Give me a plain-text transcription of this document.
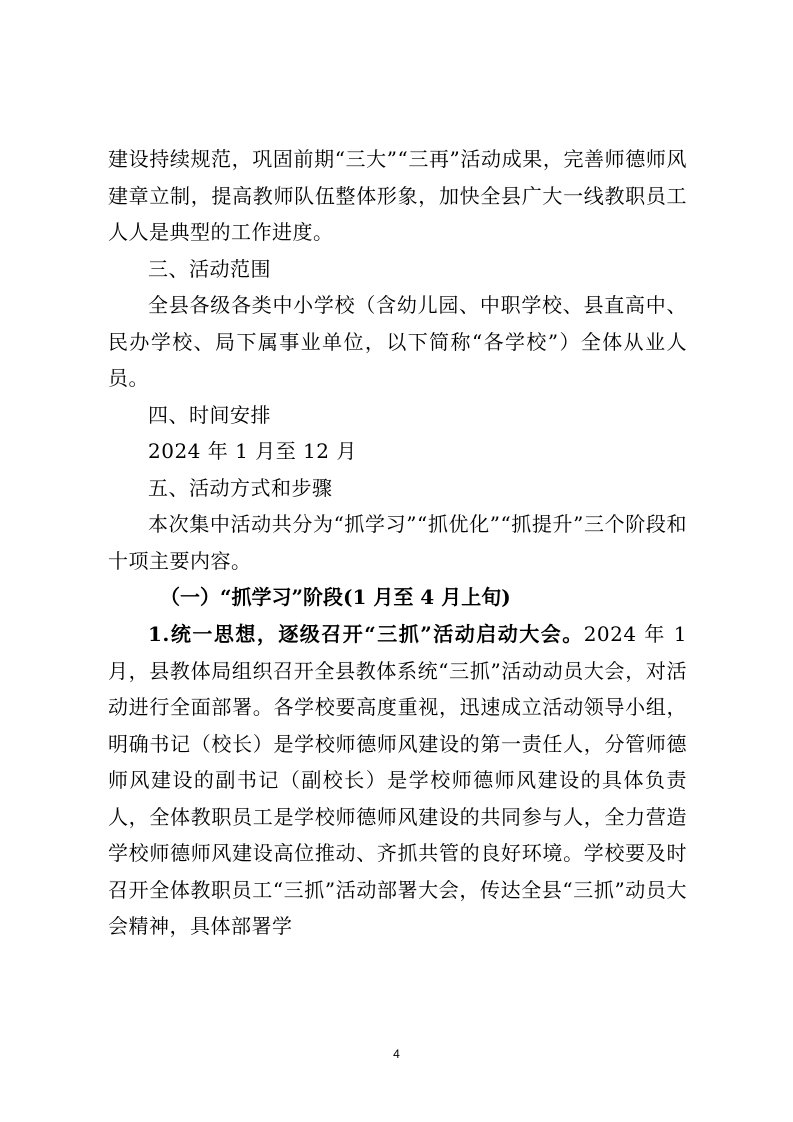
建设持续规范，巩固前期“三大”“三再”活动成果，完善师德师风建章立制，提高教师队伍整体形象，加快全县广大一线教职员工人人是典型的工作进度。

三、活动范围

全县各级各类中小学校（含幼儿园、中职学校、县直高中、民办学校、局下属事业单位，以下简称“各学校”）全体从业人员。

四、时间安排

2024 年 1 月至 12 月

五、活动方式和步骤

本次集中活动共分为“抓学习”“抓优化”“抓提升”三个阶段和十项主要内容。

（一）“抓学习”阶段(1 月至 4 月上旬)

1.统一思想，逐级召开“三抓”活动启动大会。2024 年 1 月，县教体局组织召开全县教体系统“三抓”活动动员大会，对活动进行全面部署。各学校要高度重视，迅速成立活动领导小组，明确书记（校长）是学校师德师风建设的第一责任人，分管师德师风建设的副书记（副校长）是学校师德师风建设的具体负责人，全体教职员工是学校师德师风建设的共同参与人，全力营造学校师德师风建设高位推动、齐抓共管的良好环境。学校要及时召开全体教职员工“三抓”活动部署大会，传达全县“三抓”动员大会精神，具体部署学

4
